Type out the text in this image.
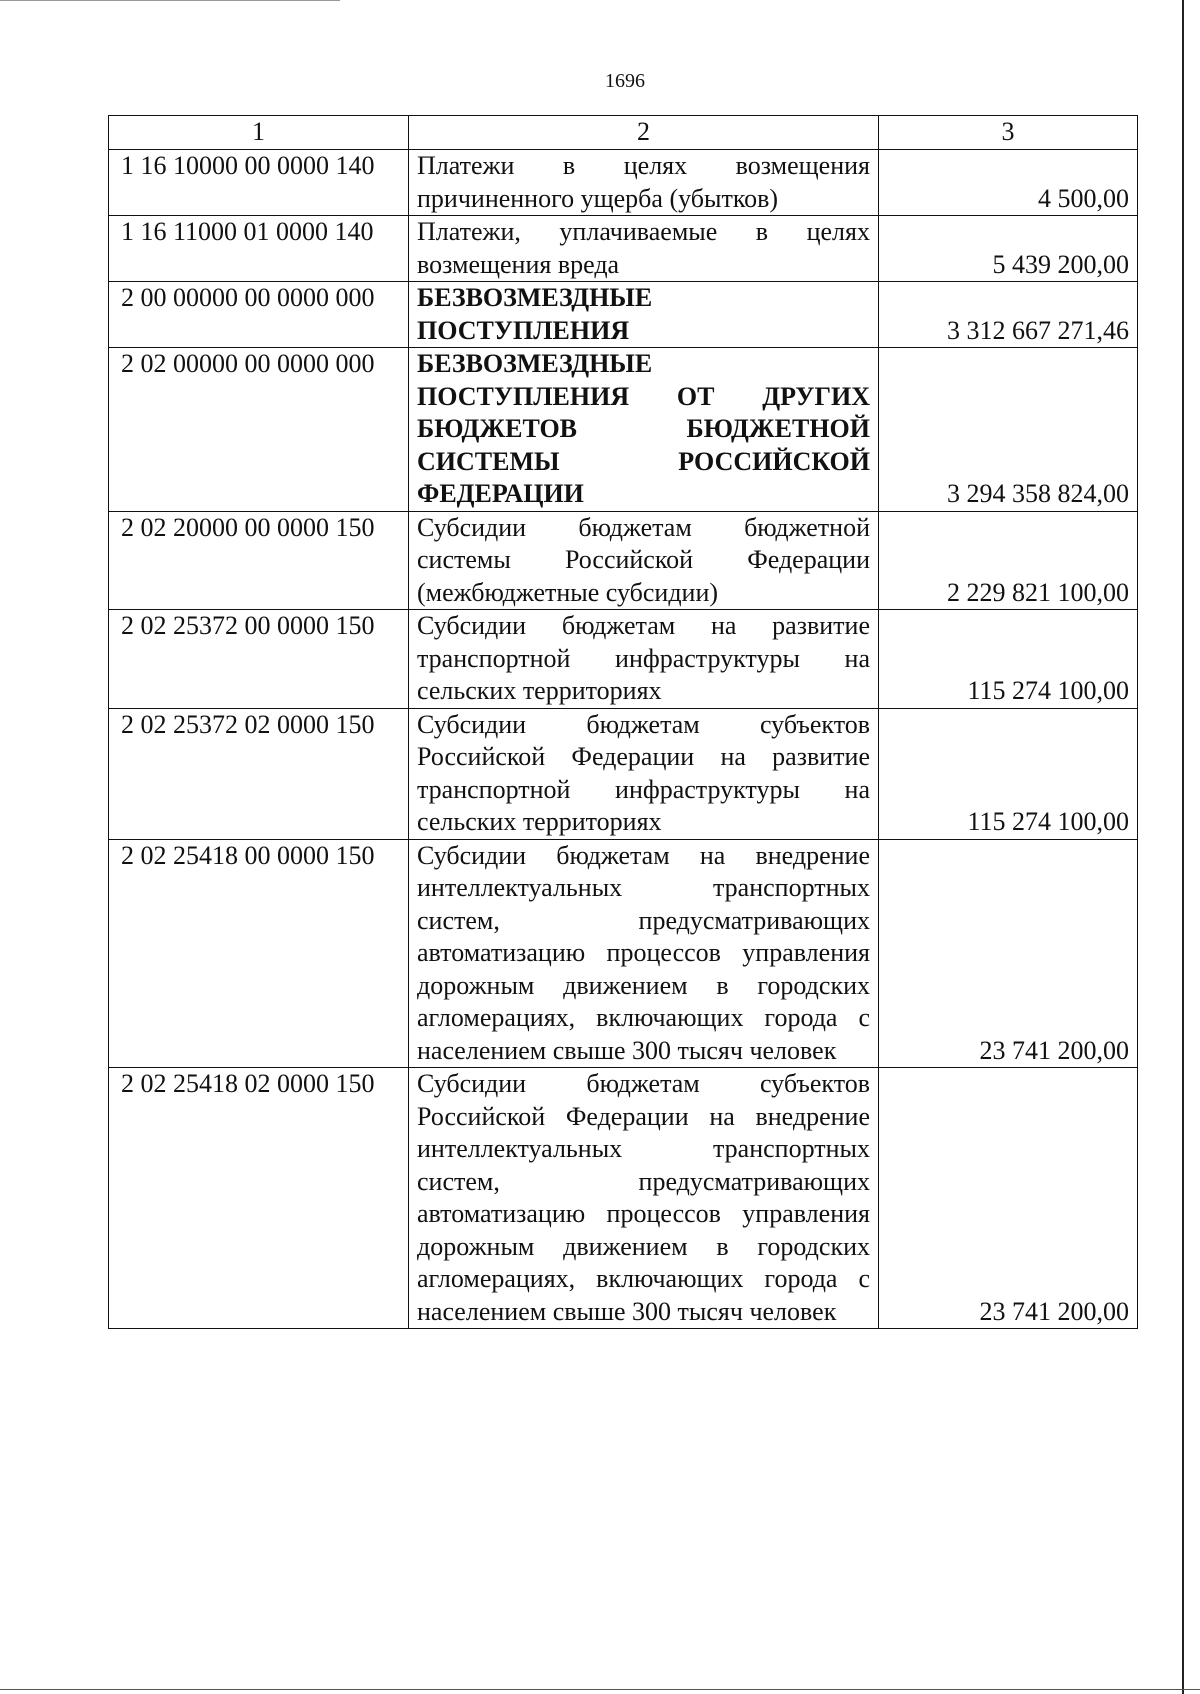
1696
1	2	3
1 16 10000 00 0000 140	Платежи в целях возмещения причиненного ущерба (убытков)	4 500,00
1 16 11000 01 0000 140	Платежи, уплачиваемые в целях возмещения вреда	5 439 200,00
2 00 00000 00 0000 000	БЕЗВОЗМЕЗДНЫЕ ПОСТУПЛЕНИЯ	3 312 667 271,46
2 02 00000 00 0000 000	БЕЗВОЗМЕЗДНЫЕ ПОСТУПЛЕНИЯ ОТ ДРУГИХ БЮДЖЕТОВ БЮДЖЕТНОЙ СИСТЕМЫ РОССИЙСКОЙ ФЕДЕРАЦИИ	3 294 358 824,00
2 02 20000 00 0000 150	Субсидии бюджетам бюджетной системы Российской Федерации (межбюджетные субсидии)	2 229 821 100,00
2 02 25372 00 0000 150	Субсидии бюджетам на развитие транспортной инфраструктуры на сельских территориях	115 274 100,00
2 02 25372 02 0000 150	Субсидии бюджетам субъектов Российской Федерации на развитие транспортной инфраструктуры на сельских территориях	115 274 100,00
2 02 25418 00 0000 150	Субсидии бюджетам на внедрение интеллектуальных транспортных систем, предусматривающих автоматизацию процессов управления дорожным движением в городских агломерациях, включающих города с населением свыше 300 тысяч человек	23 741 200,00
2 02 25418 02 0000 150	Субсидии бюджетам субъектов Российской Федерации на внедрение интеллектуальных транспортных систем, предусматривающих автоматизацию процессов управления дорожным движением в городских агломерациях, включающих города с населением свыше 300 тысяч человек	23 741 200,00
